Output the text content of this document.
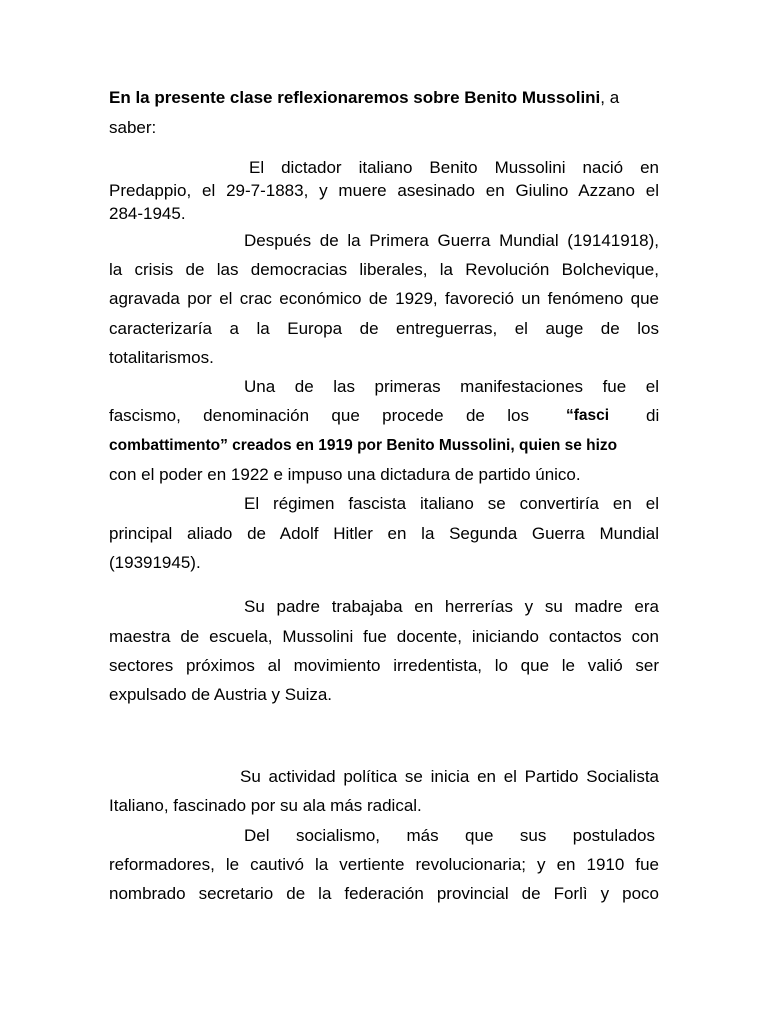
En la presente clase reflexionaremos sobre Benito Mussolini, a
saber:
El dictador italiano Benito Mussolini nació en
Predappio, el 29-7-1883, y muere asesinado en Giulino Azzano el
284-1945.
Después de la Primera Guerra Mundial (19141918),
la crisis de las democracias liberales, la Revolución Bolchevique,
agravada por el crac económico de 1929, favoreció un fenómeno que
caracterizaría a la Europa de entreguerras, el auge de los
totalitarismos.
Una de las primeras manifestaciones fue el
fascismo, denominación que procede de los “fasci	di
combattimento” creados en 1919 por Benito Mussolini, quien se hizo
con el poder en 1922 e impuso una dictadura de partido único.
El régimen fascista italiano se convertiría en el
principal aliado de Adolf Hitler en la Segunda Guerra Mundial
(19391945).
Su padre trabajaba en herrerías y su madre era
maestra de escuela, Mussolini fue docente, iniciando contactos con
sectores próximos al movimiento irredentista, lo que le valió ser
expulsado de Austria y Suiza.
Su actividad política se inicia en el Partido Socialista
Italiano, fascinado por su ala más radical.
Del socialismo, más que sus postulados
reformadores, le cautivó la vertiente revolucionaria; y en 1910 fue
nombrado secretario de la federación provincial de Forlì y poco
